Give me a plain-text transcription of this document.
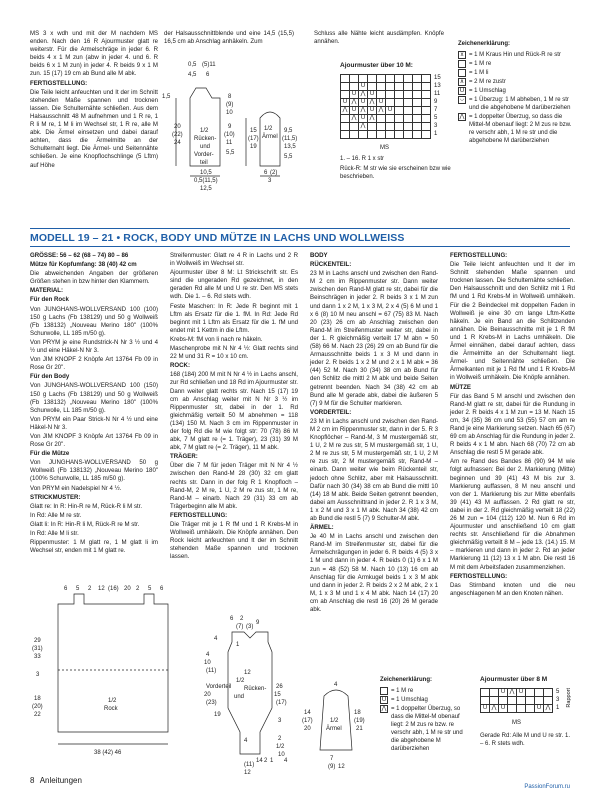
MS 3 x wdh und mit der M nachdem MS enden. Nach den 16 R Ajourmuster glatt re weiterstr. Für die Armelschräge in jeder 6. R beids 4 x 1 M zun (abw in jeder 4. und 6. R beids 6 x 1 M zun) in jeder 4. R beids 9 x 1 M zun. 15 (17) 19 cm ab Bund alle M abk.

FERTIGSTELLUNG:

Die Teile leicht anfeuchten und It der im Schnitt stehenden Maße spannen und trocknen lassen. Die Schulternähte schließen. Aus dem Halsausschnitt 48 M aufnehmen und 1 R re, 1 R li M re, 1 M li im Wechsel str, 1 R re, alle M abk. Die Ärmel einsetzen und dabei darauf achten, dass die Ärmelmitte an der Schulternaht liegt. Die Ärmel- und Seitennähte schließen. Je eine Knopflochschlinge (5 Lftm) auf Höhe

der Halsausschnittblende und eine 14,5 (15,5) 16,5 cm ab Anschlag anhäkeln. Zum

0,5 (5)11
4,5 6
1,5	8
(9)
10
1/2
Rücken-
und
Vorder-
teil
20
(22)
24
9
(10)
11
5,5
15
(17)
19
1/2
Ärmel
9,5
(11,5)
13,5
5,5
10,5
0,5(11,5)
12,5
6 (2)
3

Schluss alle Nähte leicht ausdämpfen. Knöpfe annähen.

Ajourmuster über 10 M:
										15
		U								13
	U	⋀	U							11
U	⋀	U	⋀	U						9
⋀	U	⋀	U	⋀	U					7
	⋀	U	⋀							5
		⋀								3
										1
MS
1. – 16. R 1 x str
Rück-R: M str wie sie erscheinen bzw wie beschrieben.
Zeichenerklärung:
x = 1 M Kraus Hin und Rück-R re str
= 1 M re
= 1 M li
∧ = 2 M re zustr
U = 1 Umschlag
⌵ = 1 Überzug: 1 M abheben, 1 M re str und die abgehobene M darüberziehen
⋀ = 1 doppelter Überzug, so dass die Mittel-M obenauf liegt: 2 M zus re bzw. re verschr abh, 1 M re str und die abgehobene M darüberziehen
MODELL 19 – 21 • ROCK, BODY UND MÜTZE IN LACHS UND WOLLWEISS

GRÖSSE: 56 – 62 (68 – 74) 80 – 86

Mütze für Kopfumfang: 38 (40) 42 cm

Die abweichenden Angaben der größeren Größen stehen in bzw hinter den Klammern.

MATERIAL:

Für den Rock

Von JUNGHANS-WOLLVERSAND 100 (100) 150 g Lachs (Fb 138129) und 50 g Wollweiß (Fb 138132) „Nouveau Merino 180" (100% Schurwolle, LL 185 m/50 g).

Von PRYM je eine Rundstrick-N Nr 3 ½ und 4 ½ und eine Häkel-N Nr 3.

Von JIM KNOPF 2 Knöpfe Art 13764 Fb 09 in Rose Gr 20".

Für den Body

Von JUNGHANS-WOLLVERSAND 100 (150) 150 g Lachs (Fb 138129) und 50 g Wollweiß (Fb 138132) „Nouveau Merino 180" (100% Schurwolle, LL 185 m/50 g).

Von PRYM ein Paar Strick-N Nr 4 ½ und eine Häkel-N Nr 3.

Von JIM KNOPF 3 Knöpfe Art 13764 Fb 09 in Rose Gr 20".

Für die Mütze

Von JUNGHANS-WOLLVERSAND 50 g Wollweiß (Fb 138132) „Nouveau Merino 180" (100% Schurwolle, LL 185 m/50 g).

Von PRYM ein Nadelspiel Nr 4 ½.

STRICKMUSTER:

Glatt re: In R: Hin-R re M, Rück-R li M str.

In Rd: Alle M re str.

Glatt li: In R: Hin-R li M, Rück-R re M str.

In Rd: Alle M li str.

Rippenmuster: 1 M glatt re, 1 M glatt li im Wechsel str, enden mit 1 M glatt re.

Streifenmuster: Glatt re 4 R in Lachs und 2 R in Wollweiß im Wechsel str.

Ajourmuster über 8 M: Lt Strickschrift str. Es sind die ungeraden Rd gezeichnet, in den geraden Rd alle M und U re str. Den MS stets wdh. Die 1. – 6. Rd stets wdh.

Feste Maschen: In R: Jede R beginnt mit 1 Lftm als Ersatz für die 1. fM. In Rd: Jede Rd beginnt mit 1 Lftm als Ersatz für die 1. fM und endet mit 1 Kettm in die Lftm.

Krebs-M: fM von li nach re häkeln.

Maschenprobe mit N Nr 4 ½: Glatt rechts sind 22 M und 31 R = 10 x 10 cm.

ROCK:

168 (184) 200 M mit N Nr 4 ½ in Lachs anschl, zur Rd schließen und 18 Rd im Ajourmuster str. Dann weiter glatt rechts str. Nach 15 (17) 19 cm ab Anschlag weiter mit N Nr 3 ½ im Rippenmuster str, dabei in der 1. Rd gleichmäßig verteilt 50 M abnehmen = 118 (134) 150 M. Nach 3 cm im Rippenmuster in der folg Rd die M wie folgt str: 70 (78) 86 M abk, 7 M glatt re (= 1. Träger), 23 (31) 39 M abk, 7 M glatt re (= 2. Träger), 11 M abk.

TRÄGER:

Über die 7 M für jeden Träger mit N Nr 4 ½ zwischen den Rand-M 28 (30) 32 cm glatt rechts str. Dann in der folg R 1 Knopfloch – Rand-M, 2 M re, 1 U, 2 M re zus str, 1 M re, Rand-M – einarb. Nach 29 (31) 33 cm ab Trägerbeginn alle M abk.

FERTIGSTELLUNG:

Die Träger mit je 1 R fM und 1 R Krebs-M in Wollweiß umhäkeln. Die Knöpfe annähen. Den Rock leicht anfeuchten und lt der im Schnitt stehenden Maße spannen und trocknen lassen.

BODY

RÜCKENTEIL:

23 M in Lachs anschl und zwischen den Rand-M 2 cm im Rippenmuster str. Dann weiter zwischen den Rand-M glatt re str, dabei für die Beinschrägen in jeder 2. R beids 3 x 1 M zun und dann 1 x 2 M, 1 x 3 M, 2 x 4 (5) 6 M und 1 x 6 (8) 10 M neu anschl = 67 (75) 83 M. Nach 20 (23) 26 cm ab Anschlag zwischen den Rand-M im Streifenmuster weiter str, dabei in der 1. R gleichmäßig verteilt 17 M abn = 50 (58) 66 M. Nach 23 (26) 29 cm ab Bund für die Armausschnitte beids 1 x 3 M und dann in jeder 2. R beids 1 x 2 M und 2 x 1 M abk = 36 (44) 52 M. Nach 30 (34) 38 cm ab Bund für den Schlitz die mittl 2 M abk und beide Seiten getrennt beenden. Nach 34 (38) 42 cm ab Bund alle M gerade abk, dabei die äußeren 5 (7) 9 M für die Schulter markieren.

VORDERTEIL:

23 M in Lachs anschl und zwischen den Rand-M 2 cm im Rippenmuster str, dann in der 5. R 3 Knopflöcher – Rand-M, 3 M mustergemäß str, 1 U, 2 M re zus str, 5 M mustergemäß str, 1 U, 2 M re zus str, 5 M mustergemäß str, 1 U, 2 M re zus str, 2 M mustergemäß str, Rand-M – einarb. Dann weiter wie beim Rückenteil str, jedoch ohne Schlitz, aber mit Halsausschnitt. Dafür nach 30 (34) 38 cm ab Bund die mittl 10 (14) 18 M abk. Beide Seiten getrennt beenden, dabei am Ausschnittrand in jeder 2. R 1 x 3 M, 1 x 2 M und 3 x 1 M abk. Nach 34 (38) 42 cm ab Bund die restl 5 (7) 9 Schulter-M abk.

ÄRMEL:

Je 40 M in Lachs anschl und zwischen den Rand-M im Streifenmuster str, dabei für die Ärmelschrägungen in jeder 6. R beids 4 (5) 3 x 1 M und dann in jeder 4. R beids 0 (1) 6 x 1 M zun = 48 (52) 58 M. Nach 10 (13) 16 cm ab Anschlag für die Armkugel beids 1 x 3 M abk und dann in jeder 2. R beids 2 x 2 M abk, 2 x 1 M, 1 x 3 M und 1 x 4 M abk. Nach 14 (17) 20 cm ab Anschlag die restl 16 (20) 26 M gerade abk.

FERTIGSTELLUNG:

Die Teile leicht anfeuchten und lt der im Schnitt stehenden Maße spannen und trocknen lassen. Die Schulternähte schließen. Den Halsausschnitt und den Schlitz mit 1 Rd fM und 1 Rd Krebs-M in Wollweiß umhäkeln. Für die 2 Beindeckel mit doppelten Faden in Wollweiß je eine 30 cm lange Lftm-Kette häkeln. Je ein Band an die Schlitzenden annähen. Die Beinausschnitte mit je 1 R fM und 1 R Krebs-M in Lachs umhäkeln. Die Ärmel einnähen, dabei darauf achten, dass die Ärmelmitte an der Schulternaht liegt. Ärmel- und Seitennähte schließen. Die Ärmelkanten mit je 1 Rd fM und 1 R Krebs-M in Wollweiß umhäkeln. Die Knöpfe annähen.

MÜTZE

Für das Band 5 M anschl und zwischen den Rand-M glatt re str, dabei für die Rundung in jeder 2. R beids 4 x 1 M zun = 13 M. Nach 15 cm, 34 (35) 36 cm und 53 (55) 57 cm am re Rand je eine Markierung setzen. Nach 65 (67) 69 cm ab Anschlag für die Rundung in jeder 2. R beids 4 x 1 M abn. Nach 68 (70) 72 cm ab Anschlag die restl 5 M gerade abk.

Am re Rand des Bandes 86 (90) 94 M wie folgt aufnassen: Bei der 2. Markierung (Mitte) beginnen und 39 (41) 43 M bis zur 3. Markierung auffassen, 8 M neu anschl und von der 1. Markierung bis zur Mitte ebenfalls 39 (41) 43 M auffassen. 2 Rd glatt re str, dabei in der 2. Rd gleichmäßig verteilt 18 (22) 26 M zun = 104 (112) 120 M. Nun 6 Rd im Ajourmuster und anschließend 10 cm glatt rechts str. Anschließend für die Abnahmen gleichmäßig verteilt 8 M – jede 13. (14.) 15. M – markieren und dann in jeder 2. Rd an jeder Markierung 11 (12) 13 x 1 M abn. Die restl 16 M mit dem Arbeitsfaden zusammenziehen.

FERTIGSTELLUNG:

Das Stirnband knoten und die neu angeschlagenen M an den Knoten nähen.

6 5 2 12 (16) 20 2 5 6
29
(31)
33
3
18
(20)
22
1/2
Rock
38 (42) 46
6 2
(7) (3)
9
4
1
4
10
(11)	12
1/2
Rücken-
und
Vorderteil
20
(23)
26
15
(17)
19
3
4	2
1/2
10
(11)
12
14 2 1 4
4
14
(17)
20
1/2
Ärmel
18
(19)
21
7
(9) 12
Zeichenerklärung:
= 1 M re
U = 1 Umschlag
⋀ = 1 doppelter Überzug, so dass die Mittel-M obenauf liegt: 2 M zus re bzw. re verschr abh, 1 M re str und die abgehobene M darüberziehen
Ajourmuster über 8 M
		U	⋀	U				5
								3
U	⋀	U				U	⋀	1
Rapport
MS
Gerade Rd: Alle M und U re str. 1. – 6. R stets wdh.
8 Anleitungen
PassionForum.ru
